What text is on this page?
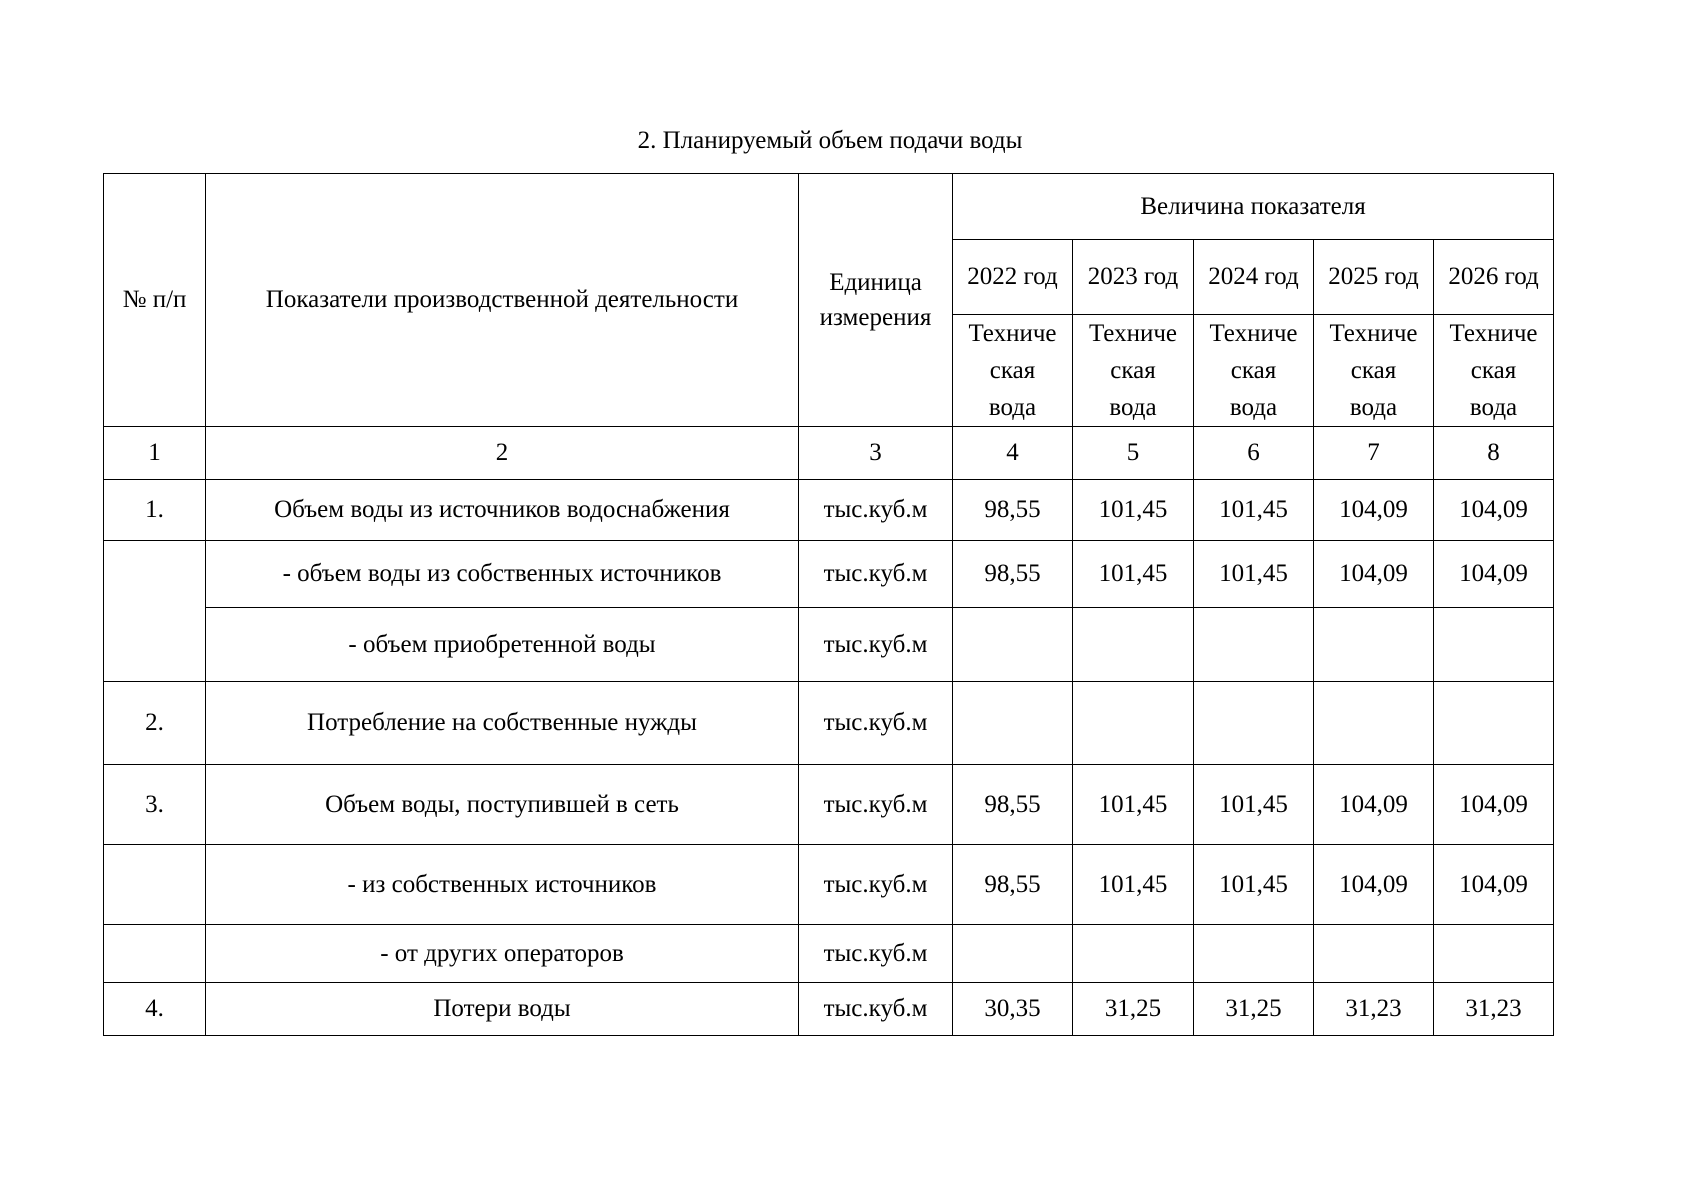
2. Планируемый объем подачи воды
№ п/п	Показатели производственной деятельности	Единица
измерения	Величина показателя				
			2022 год	2023 год	2024 год	2025 год	2026 год

			Техниче
ская
вода	Техниче
ская
вода	Техниче
ская
вода	Техниче
ская
вода	Техниче
ская
вода

1	2	3	4	5	6	7	8
1.	Объем воды из источников водоснабжения	тыс.куб.м	98,55	101,45	101,45	104,09	104,09
	- объем воды из собственных источников	тыс.куб.м	98,55	101,45	101,45	104,09	104,09
	- объем приобретенной воды	тыс.куб.м					
2.	Потребление на собственные нужды	тыс.куб.м					
3.	Объем воды, поступившей в сеть	тыс.куб.м	98,55	101,45	101,45	104,09	104,09
	- из собственных источников	тыс.куб.м	98,55	101,45	101,45	104,09	104,09
	- от других операторов	тыс.куб.м					
4.	Потери воды	тыс.куб.м	30,35	31,25	31,25	31,23	31,23
